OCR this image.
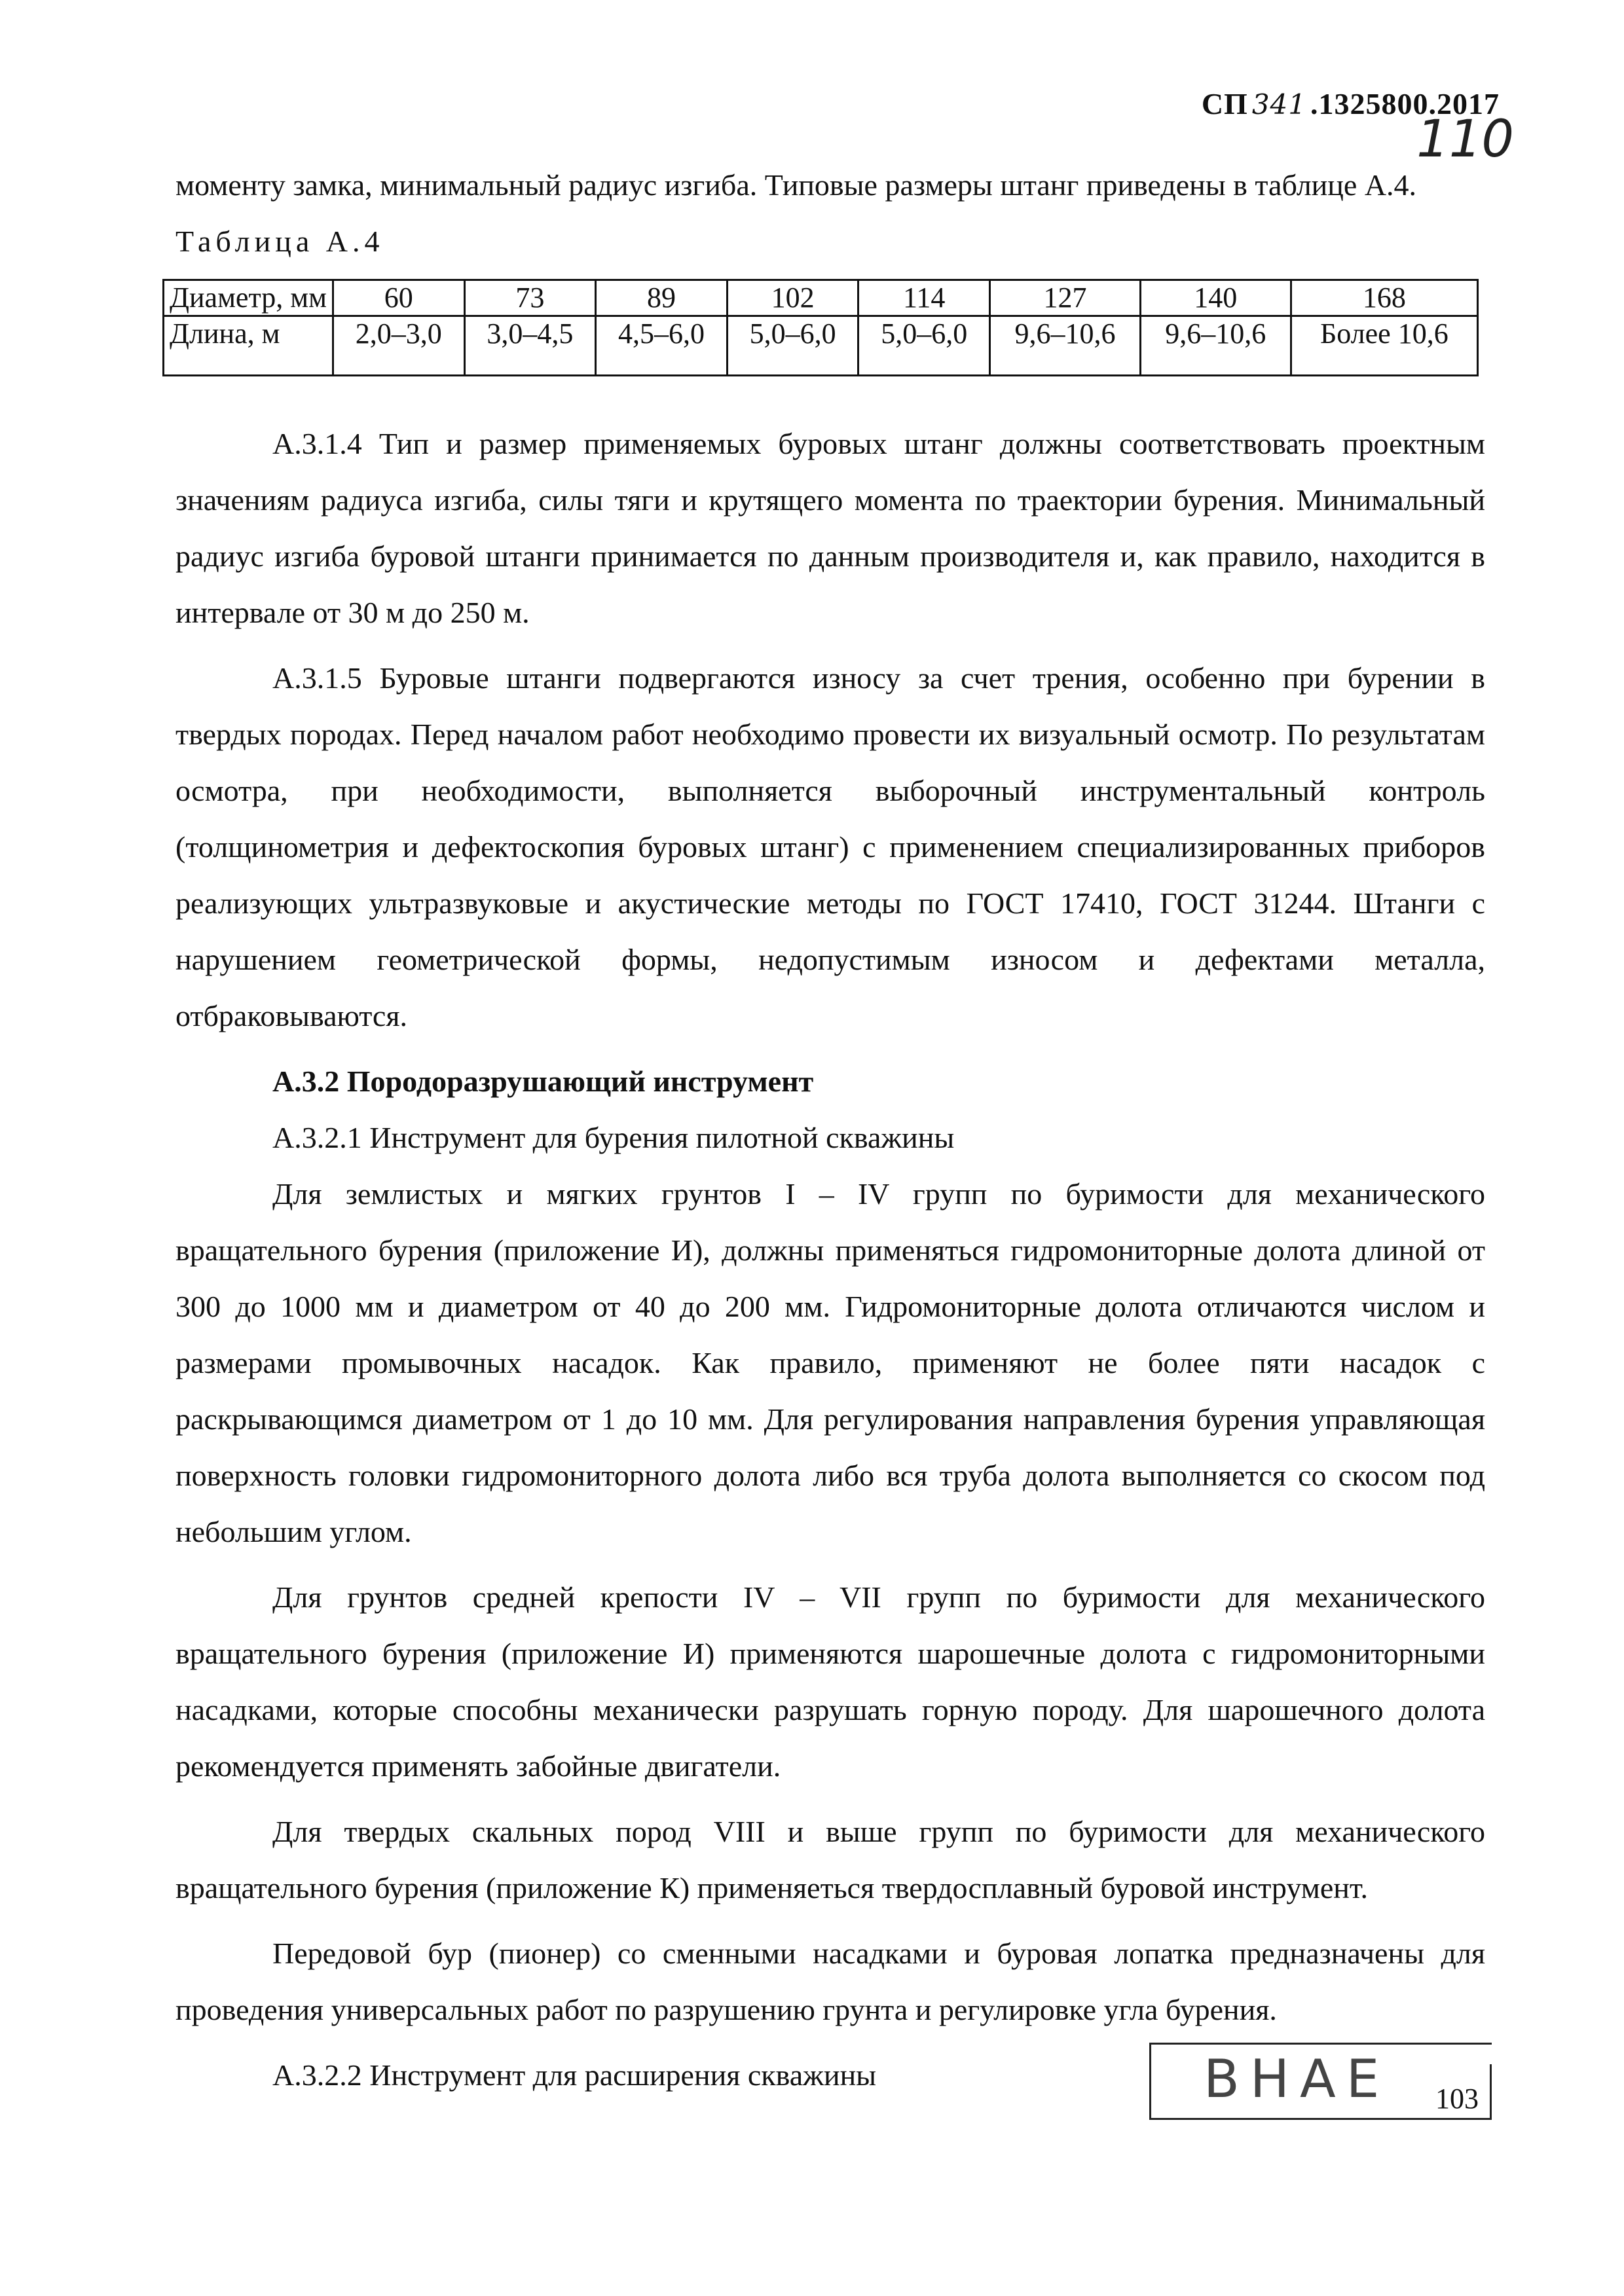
СП 341 .1325800.2017
110

моменту замка, минимальный радиус изгиба. Типовые размеры штанг приведены в таблице А.4.

Таблица А.4

Диаметр, мм	60	73	89	102	114	127	140	168
Длина, м	2,0–3,0	3,0–4,5	4,5–6,0	5,0–6,0	5,0–6,0	9,6–10,6	9,6–10,6	Более 10,6

А.3.1.4 Тип и размер применяемых буровых штанг должны соответствовать проектным значениям радиуса изгиба, силы тяги и крутящего момента по траектории бурения. Минимальный радиус изгиба буровой штанги принимается по данным производителя и, как правило, находится в интервале от 30 м до 250 м.

А.3.1.5 Буровые штанги подвергаются износу за счет трения, особенно при бурении в твердых породах. Перед началом работ необходимо провести их визуальный осмотр. По результатам осмотра, при необходимости, выполняется выборочный инструментальный контроль (толщинометрия и дефектоскопия буровых штанг) с применением специализированных приборов реализующих ультразвуковые и акустические методы по ГОСТ 17410, ГОСТ 31244. Штанги с нарушением геометрической формы, недопустимым износом и дефектами металла, отбраковываются.

А.3.2 Породоразрушающий инструмент

А.3.2.1 Инструмент для бурения пилотной скважины

Для землистых и мягких грунтов I – IV групп по буримости для механического вращательного бурения (приложение И), должны применяться гидромониторные долота длиной от 300 до 1000 мм и диаметром от 40 до 200 мм. Гидромониторные долота отличаются числом и размерами промывочных насадок. Как правило, применяют не более пяти насадок с раскрывающимся диаметром от 1 до 10 мм. Для регулирования направления бурения управляющая поверхность головки гидромониторного долота либо вся труба долота выполняется со скосом под небольшим углом.

Для грунтов средней крепости IV – VII групп по буримости для механического вращательного бурения (приложение И) применяются шарошечные долота с гидромониторными насадками, которые способны механически разрушать горную породу. Для шарошечного долота рекомендуется применять забойные двигатели.

Для твердых скальных пород VIII и выше групп по буримости для механического вращательного бурения (приложение К) применяеться твердосплавный буровой инструмент.

Передовой бур (пионер) со сменными насадками и буровая лопатка предназначены для проведения универсальных работ по разрушению грунта и регулировке угла бурения.

А.3.2.2 Инструмент для расширения скважины	ВНАЕ 103
